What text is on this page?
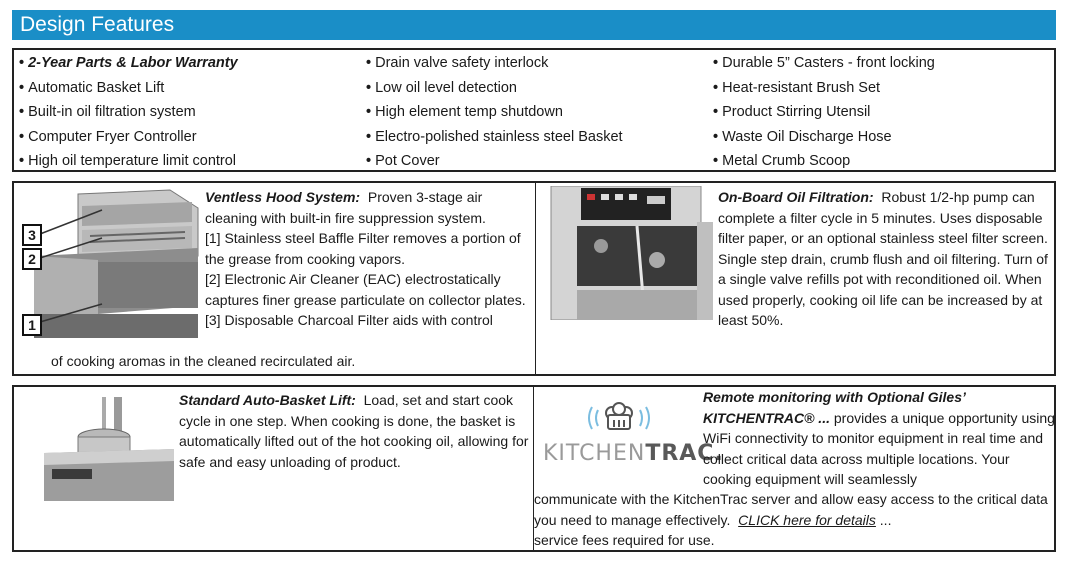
Design Features
• 2-Year Parts & Labor Warranty
• Automatic Basket Lift
• Built-in oil filtration system
• Computer Fryer Controller
• High oil temperature limit control
• Drain valve safety interlock
• Low oil level detection
• High element temp shutdown
• Electro-polished stainless steel Basket
• Pot Cover
• Durable 5” Casters - front locking
• Heat-resistant Brush Set
• Product Stirring Utensil
• Waste Oil Discharge Hose
• Metal Crumb Scoop
3
2
1
Ventless Hood System: Proven 3-stage air cleaning with built-in fire suppression system.
[1] Stainless steel Baffle Filter removes a portion of the grease from cooking vapors.
[2] Electronic Air Cleaner (EAC) electrostatically captures finer grease particulate on collector plates.
[3] Disposable Charcoal Filter aids with control
of cooking aromas in the cleaned recirculated air.
On-Board Oil Filtration: Robust 1/2-hp pump can complete a filter cycle in 5 minutes. Uses disposable filter paper, or an optional stainless steel filter screen. Single step drain, crumb flush and oil filtering. Turn of a single valve refills pot with reconditioned oil. When used properly, cooking oil life can be increased by at least 50%.
Standard Auto-Basket Lift: Load, set and start cook cycle in one step. When cooking is done, the basket is automatically lifted out of the hot cooking oil, allowing for safe and easy unloading of product.	KITCHENTRAC.
Remote monitoring with Optional Giles’
KITCHENTRAC® ... provides a unique opportunity using WiFi connectivity to monitor equipment in real time and collect critical data across multiple locations. Your cooking equipment will seamlessly
communicate with the KitchenTrac server and allow easy access to the critical data you need to manage effectively. CLICK here for details ...
service fees required for use.
